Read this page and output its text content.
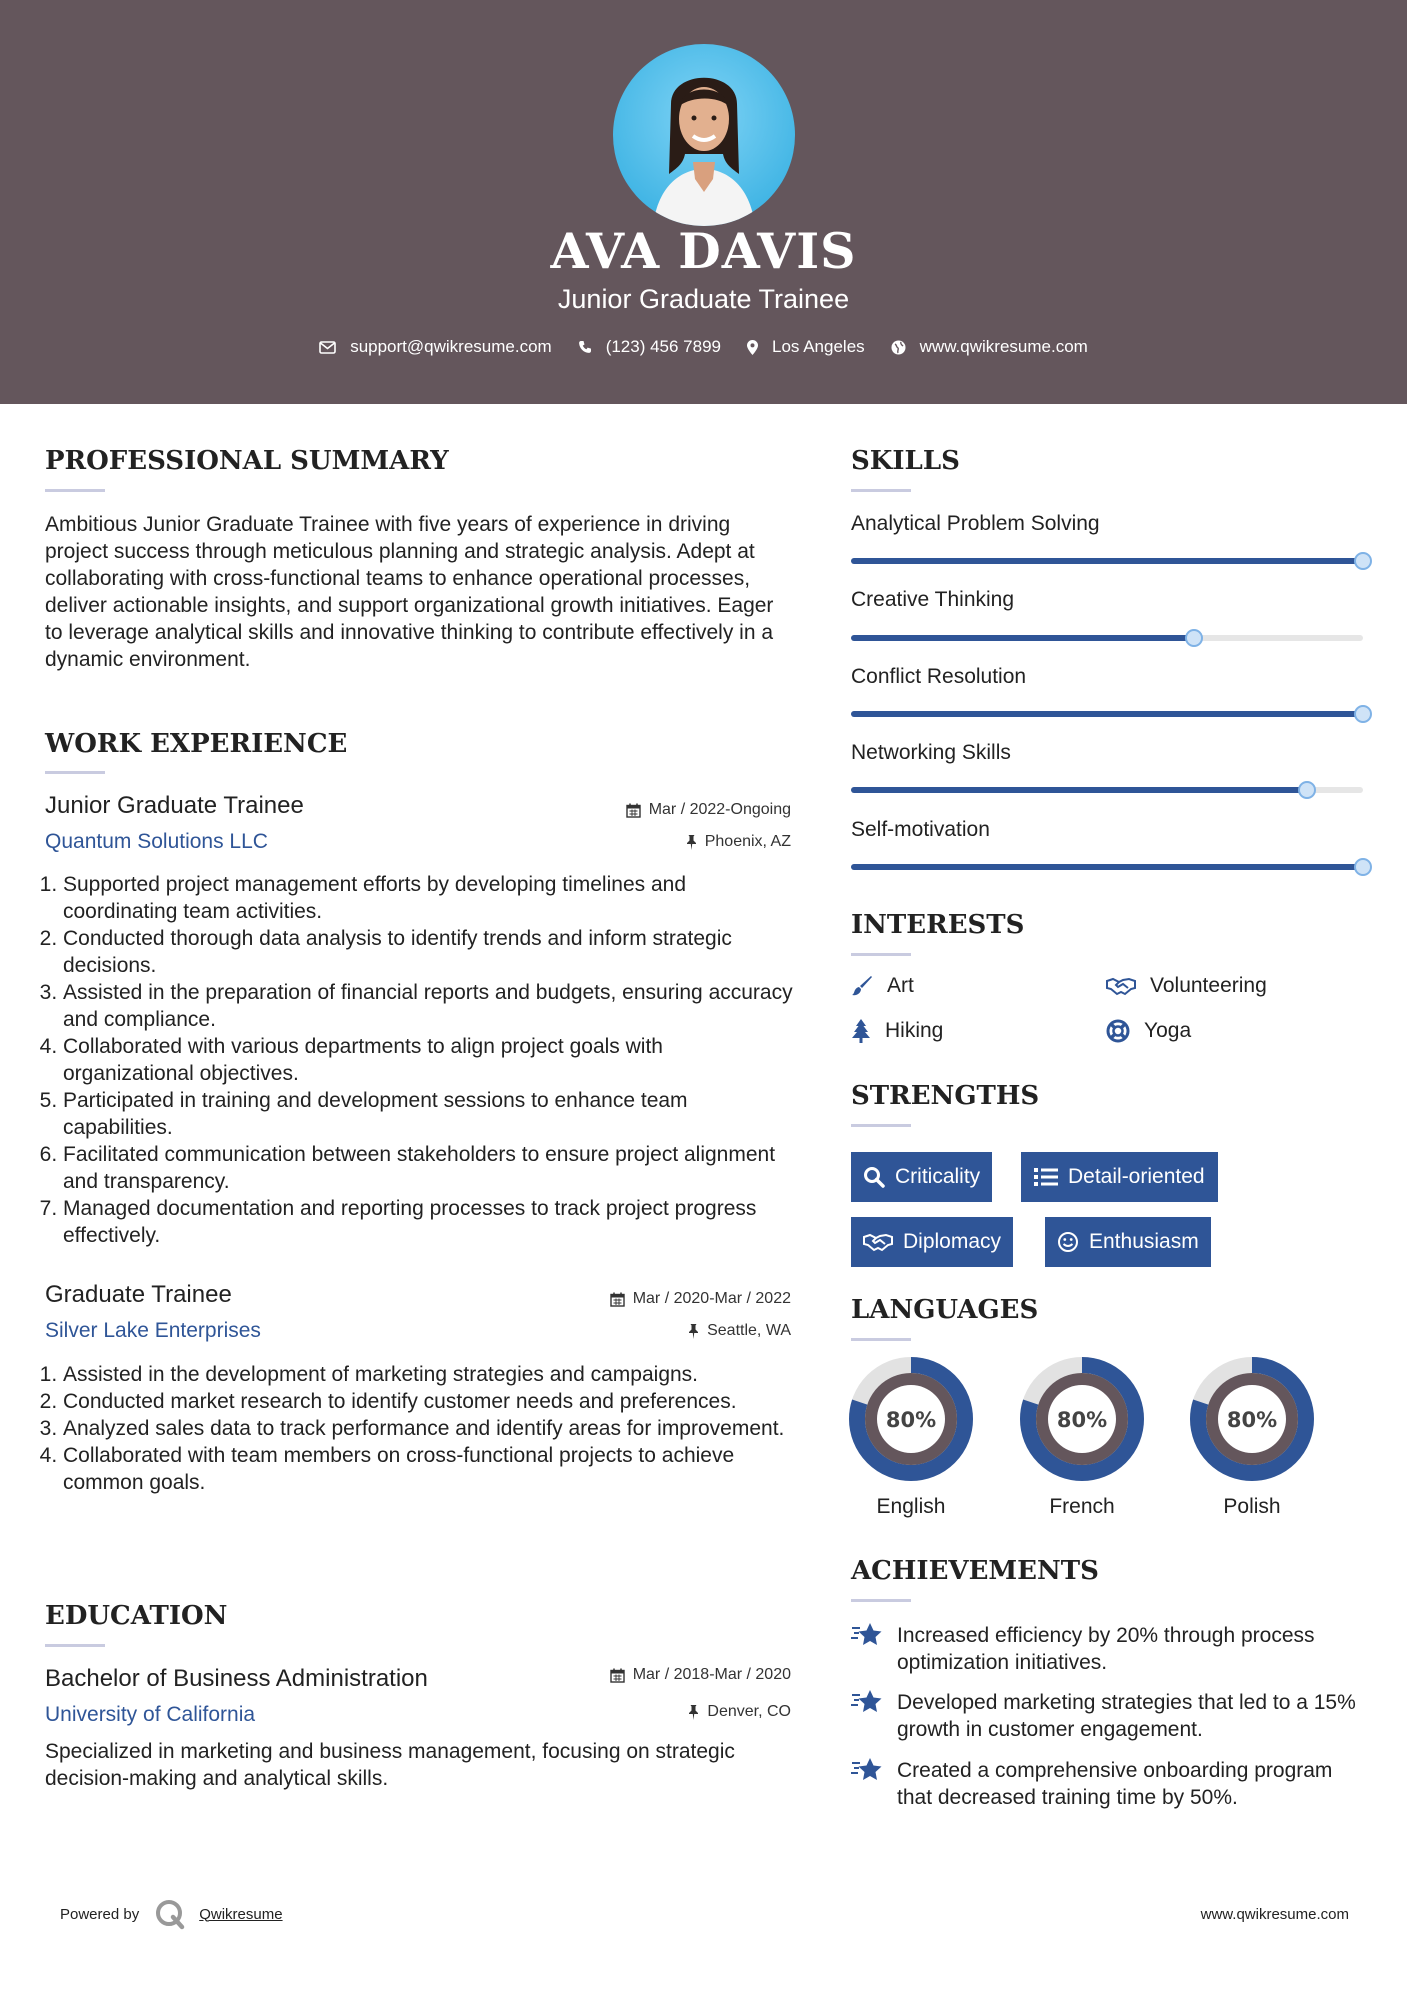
AVA DAVIS
Junior Graduate Trainee
support@qwikresume.com	(123) 456 7899	Los Angeles	www.qwikresume.com
PROFESSIONAL SUMMARY
Ambitious Junior Graduate Trainee with five years of experience in driving project success through meticulous planning and strategic analysis. Adept at collaborating with cross-functional teams to enhance operational processes, deliver actionable insights, and support organizational growth initiatives. Eager to leverage analytical skills and innovative thinking to contribute effectively in a dynamic environment.
WORK EXPERIENCE
Junior Graduate Trainee	Mar / 2022-Ongoing
Quantum Solutions LLC	Phoenix, AZ
1. Supported project management efforts by developing timelines and coordinating team activities.
2. Conducted thorough data analysis to identify trends and inform strategic decisions.
3. Assisted in the preparation of financial reports and budgets, ensuring accuracy and compliance.
4. Collaborated with various departments to align project goals with organizational objectives.
5. Participated in training and development sessions to enhance team capabilities.
6. Facilitated communication between stakeholders to ensure project alignment and transparency.
7. Managed documentation and reporting processes to track project progress effectively.
Graduate Trainee	Mar / 2020-Mar / 2022
Silver Lake Enterprises	Seattle, WA
1. Assisted in the development of marketing strategies and campaigns.
2. Conducted market research to identify customer needs and preferences.
3. Analyzed sales data to track performance and identify areas for improvement.
4. Collaborated with team members on cross-functional projects to achieve common goals.
EDUCATION
Bachelor of Business Administration	Mar / 2018-Mar / 2020
University of California	Denver, CO
Specialized in marketing and business management, focusing on strategic decision-making and analytical skills.
SKILLS
Analytical Problem Solving
Creative Thinking
Conflict Resolution
Networking Skills
Self-motivation
INTERESTS
Art	Volunteering
Hiking	Yoga
STRENGTHS
Criticality	Detail-oriented
Diplomacy	Enthusiasm
LANGUAGES
80%
English
80%
French
80%
Polish
ACHIEVEMENTS
Increased efficiency by 20% through process optimization initiatives.
Developed marketing strategies that led to a 15% growth in customer engagement.
Created a comprehensive onboarding program that decreased training time by 50%.
Powered by	Qwikresume	www.qwikresume.com
